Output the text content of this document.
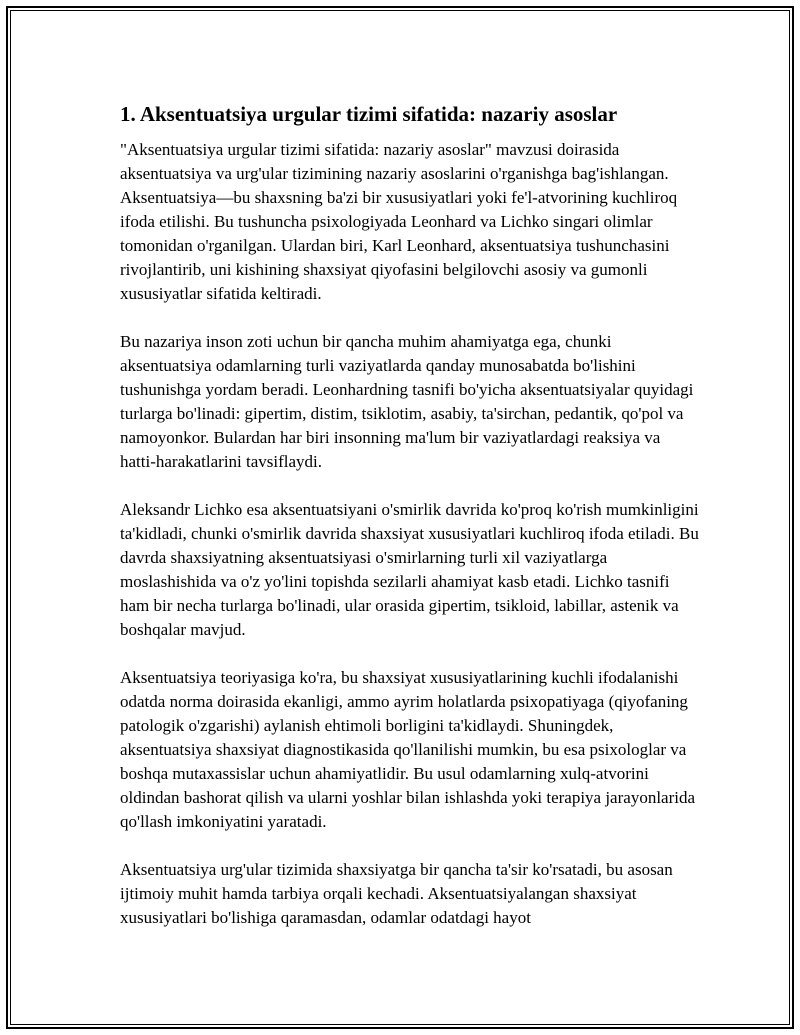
1. Aksentuatsiya urgular tizimi sifatida: nazariy asoslar

"Aksentuatsiya urgular tizimi sifatida: nazariy asoslar" mavzusi doirasida aksentuatsiya va urg'ular tizimining nazariy asoslarini o'rganishga bag'ishlangan. Aksentuatsiya—bu shaxsning ba'zi bir xususiyatlari yoki fe'l-atvorining kuchliroq ifoda etilishi. Bu tushuncha psixologiyada Leonhard va Lichko singari olimlar tomonidan o'rganilgan. Ulardan biri, Karl Leonhard, aksentuatsiya tushunchasini rivojlantirib, uni kishining shaxsiyat qiyofasini belgilovchi asosiy va gumonli xususiyatlar sifatida keltiradi.

Bu nazariya inson zoti uchun bir qancha muhim ahamiyatga ega, chunki aksentuatsiya odamlarning turli vaziyatlarda qanday munosabatda bo'lishini tushunishga yordam beradi. Leonhardning tasnifi bo'yicha aksentuatsiyalar quyidagi turlarga bo'linadi: gipertim, distim, tsiklotim, asabiy, ta'sirchan, pedantik, qo'pol va namoyonkor. Bulardan har biri insonning ma'lum bir vaziyatlardagi reaksiya va hatti-harakatlarini tavsiflaydi.

Aleksandr Lichko esa aksentuatsiyani o'smirlik davrida ko'proq ko'rish mumkinligini ta'kidladi, chunki o'smirlik davrida shaxsiyat xususiyatlari kuchliroq ifoda etiladi. Bu davrda shaxsiyatning aksentuatsiyasi o'smirlarning turli xil vaziyatlarga moslashishida va o'z yo'lini topishda sezilarli ahamiyat kasb etadi. Lichko tasnifi ham bir necha turlarga bo'linadi, ular orasida gipertim, tsikloid, labillar, astenik va boshqalar mavjud.

Aksentuatsiya teoriyasiga ko'ra, bu shaxsiyat xususiyatlarining kuchli ifodalanishi odatda norma doirasida ekanligi, ammo ayrim holatlarda psixopatiyaga (qiyofaning patologik o'zgarishi) aylanish ehtimoli borligini ta'kidlaydi. Shuningdek, aksentuatsiya shaxsiyat diagnostikasida qo'llanilishi mumkin, bu esa psixologlar va boshqa mutaxassislar uchun ahamiyatlidir. Bu usul odamlarning xulq-atvorini oldindan bashorat qilish va ularni yoshlar bilan ishlashda yoki terapiya jarayonlarida qo'llash imkoniyatini yaratadi.

Aksentuatsiya urg'ular tizimida shaxsiyatga bir qancha ta'sir ko'rsatadi, bu asosan ijtimoiy muhit hamda tarbiya orqali kechadi. Aksentuatsiyalangan shaxsiyat xususiyatlari bo'lishiga qaramasdan, odamlar odatdagi hayot
